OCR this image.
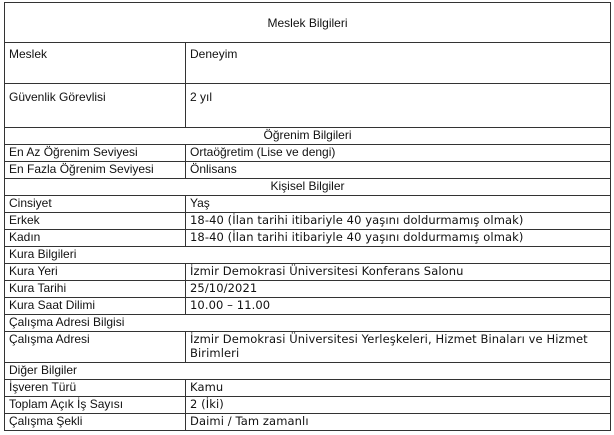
Meslek Bilgileri	
Meslek	Deneyim
Güvenlik Görevlisi	2 yıl
Öğrenim Bilgileri	
En Az Öğrenim Seviyesi	Ortaöğretim (Lise ve dengi)
En Fazla Öğrenim Seviyesi	Önlisans
Kişisel Bilgiler	
Cinsiyet	Yaş
Erkek	18-40 (İlan tarihi itibariyle 40 yaşını doldurmamış olmak)
Kadın	18-40 (İlan tarihi itibariyle 40 yaşını doldurmamış olmak)
Kura Bilgileri	
Kura Yeri	İzmir Demokrasi Üniversitesi Konferans Salonu
Kura Tarihi	25/10/2021
Kura Saat Dilimi	10.00 – 11.00
Çalışma Adresi Bilgisi	
Çalışma Adresi	İzmir Demokrasi Üniversitesi Yerleşkeleri, Hizmet Binaları ve Hizmet Birimleri
Diğer Bilgiler	
İşveren Türü	Kamu
Toplam Açık İş Sayısı	2 (İki)
Çalışma Şekli	Daimi / Tam zamanlı
